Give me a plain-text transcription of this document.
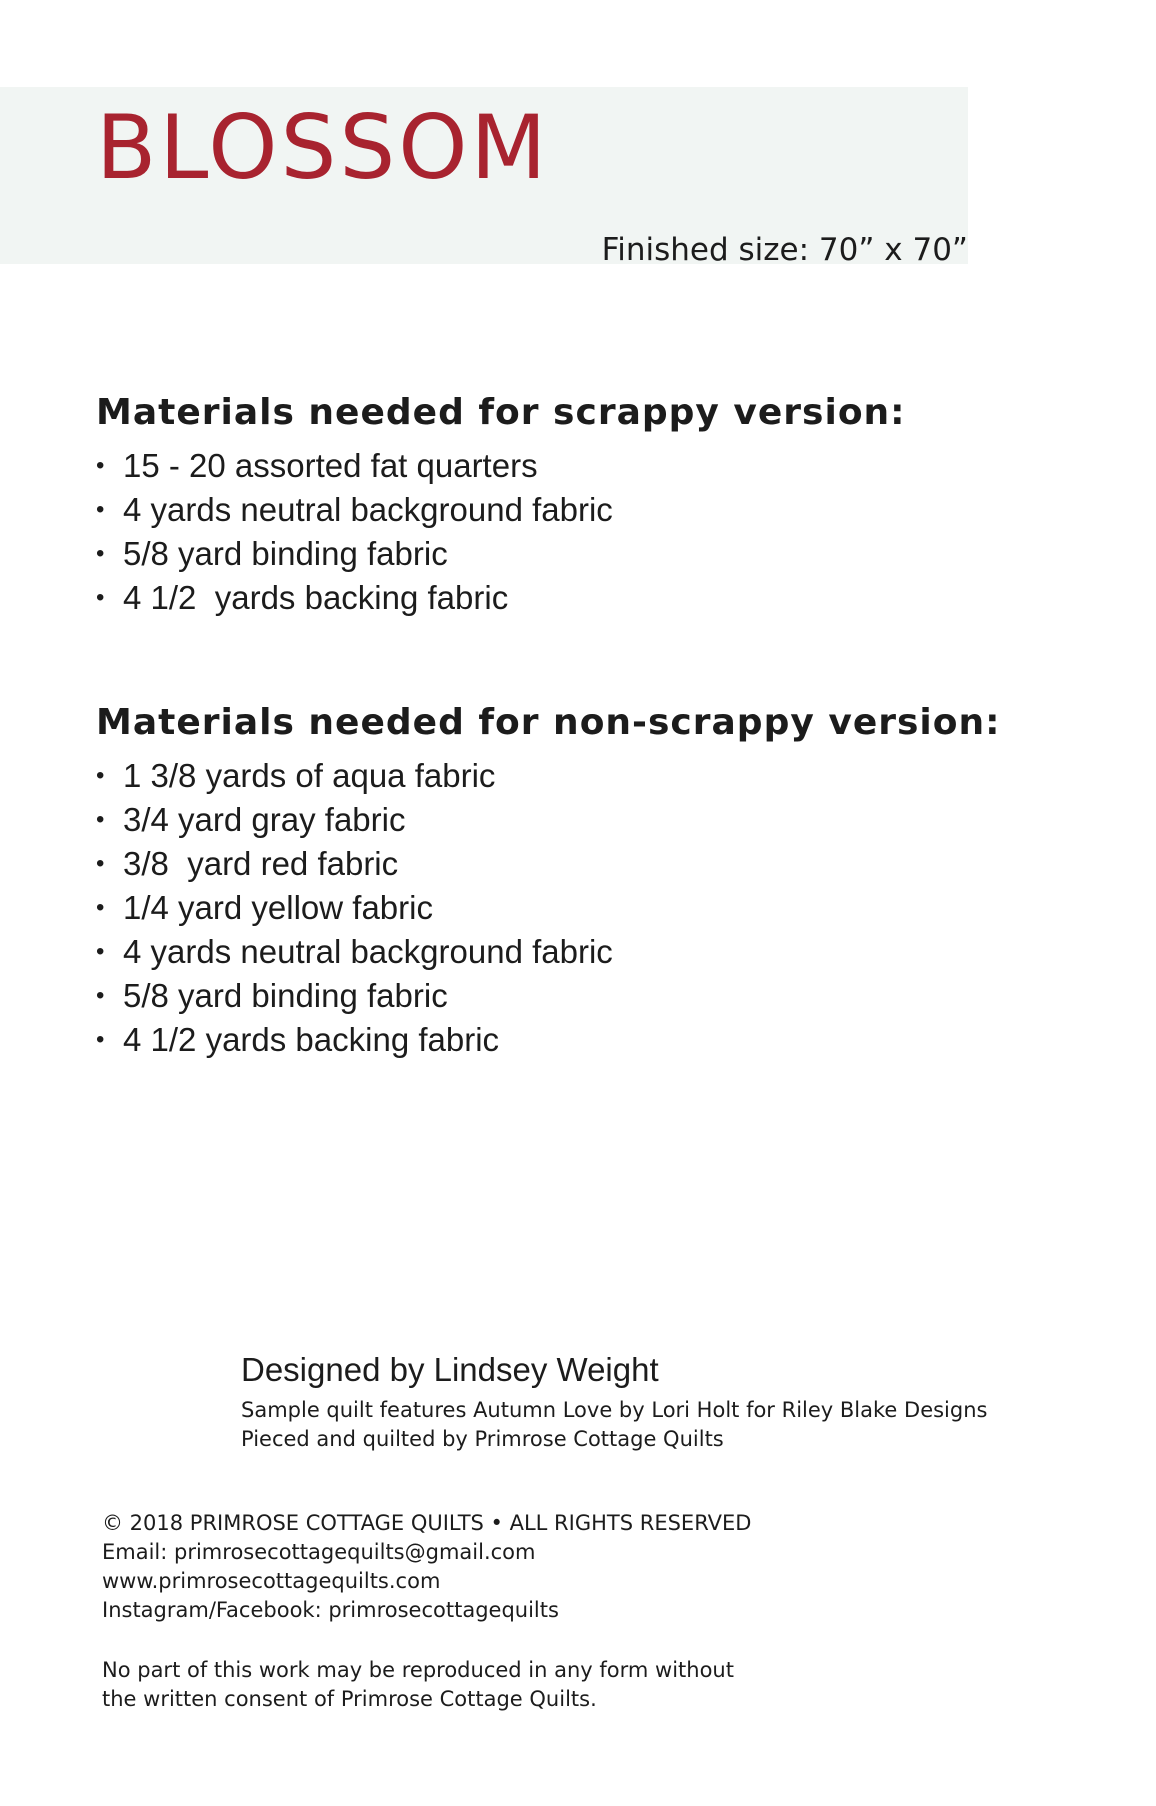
BLOSSOM
Finished size: 70” x 70”
Materials needed for scrappy version:
• 15 - 20 assorted fat quarters
• 4 yards neutral background fabric
• 5/8 yard binding fabric
• 4 1/2  yards backing fabric
Materials needed for non-scrappy version:
• 1 3/8 yards of aqua fabric
• 3/4 yard gray fabric
• 3/8  yard red fabric
• 1/4 yard yellow fabric
• 4 yards neutral background fabric
• 5/8 yard binding fabric
• 4 1/2 yards backing fabric
Designed by Lindsey Weight
Sample quilt features Autumn Love by Lori Holt for Riley Blake Designs
Pieced and quilted by Primrose Cottage Quilts
© 2018 PRIMROSE COTTAGE QUILTS • ALL RIGHTS RESERVED
Email: primrosecottagequilts@gmail.com
www.primrosecottagequilts.com
Instagram/Facebook: primrosecottagequilts
No part of this work may be reproduced in any form without
the written consent of Primrose Cottage Quilts.
